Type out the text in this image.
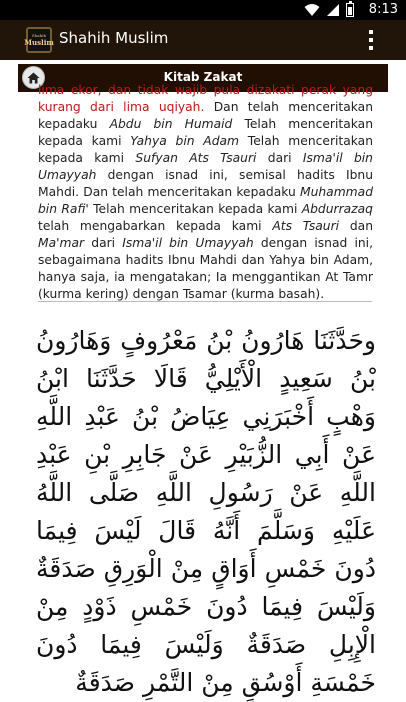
8:13
Shahih
Muslim Shahih Muslim
Kitab Zakat

lima ekor, dan tidak wajib pula dizakati perak yang kurang dari lima uqiyah. Dan telah menceritakan kepadaku Abdu bin Humaid Telah menceritakan kepada kami Yahya bin Adam Telah menceritakan kepada kami Sufyan Ats Tsauri dari Isma'il bin Umayyah dengan isnad ini, semisal hadits Ibnu Mahdi. Dan telah menceritakan kepadaku Muhammad bin Rafi' Telah menceritakan kepada kami Abdurrazaq telah mengabarkan kepada kami Ats Tsauri dan Ma'mar dari Isma'il bin Umayyah dengan isnad ini, sebagaimana hadits Ibnu Mahdi dan Yahya bin Adam, hanya saja, ia mengatakan; Ia menggantikan At Tamr (kurma kering) dengan Tsamar (kurma basah).

وحَدَّثَنَا هَارُونُ بْنُ مَعْرُوفٍ وَهَارُونُ بْنُ سَعِيدٍ الْأَيْلِيُّ قَالَا حَدَّثَنَا ابْنُ وَهْبٍ أَخْبَرَنِي عِيَاضُ بْنُ عَبْدِ اللَّهِ عَنْ أَبِي الزُّبَيْرِ عَنْ جَابِرِ بْنِ عَبْدِ اللَّهِ عَنْ رَسُولِ اللَّهِ صَلَّى اللَّهُ عَلَيْهِ وَسَلَّمَ أَنَّهُ قَالَ لَيْسَ فِيمَا دُونَ خَمْسِ أَوَاقٍ مِنْ الْوَرِقِ صَدَقَةٌ وَلَيْسَ فِيمَا دُونَ خَمْسِ ذَوْدٍ مِنْ الْإِبِلِ صَدَقَةٌ وَلَيْسَ فِيمَا دُونَ خَمْسَةِ أَوْسُقٍ مِنْ التَّمْرِ صَدَقَةٌ
